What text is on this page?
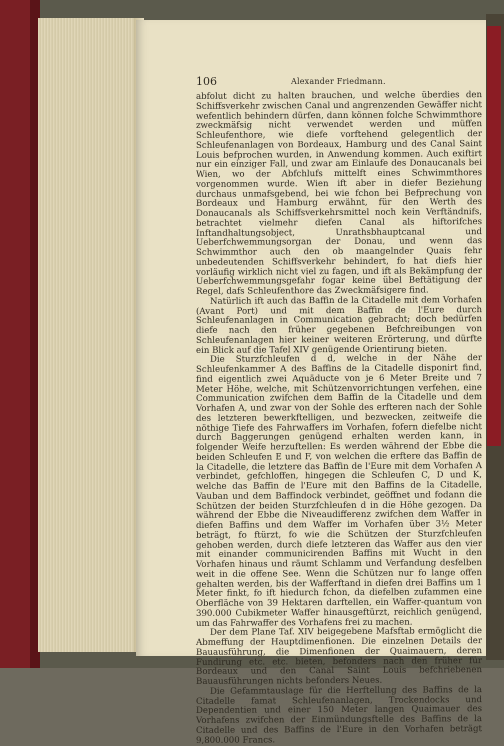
106	Alexander Friedmann.

abfolut dicht zu halten brauchen, und welche überdies den Schiffsverkehr zwischen Canal und angrenzenden Gewäffer nicht wefentlich behindern dürfen, dann können folche Schwimmthore zweckmäfsig nicht verwendet werden und müffen Schleufenthore, wie diefe vorftehend gelegentlich der Schleufenanlagen von Bordeaux, Hamburg und des Canal Saint Louis befprochen wurden, in Anwendung kommen. Auch exiftirt nur ein einziger Fall, und zwar am Einlaufe des Donaucanals bei Wien, wo der Abfchlufs mittelft eines Schwimmthores vorgenommen wurde. Wien ift aber in diefer Beziehung durchaus unmafsgebend, bei wie fchon bei Befprechung von Bordeaux und Hamburg erwähnt, für den Werth des Donaucanals als Schiffsverkehrsmittel noch kein Verftändnifs, betrachtet vielmehr diefen Canal als hiftorifches Inftandhaltungsobject, Unrathsbhauptcanal und Ueberfchwemmungsorgan der Donau, und wenn das Schwimmthor auch den ob maangelnder Quais fehr unbedeutenden Schiffsverkehr behindert, fo hat diefs hier vorläufig wirklich nicht viel zu fagen, und ift als Bekämpfung der Ueberfchwemmungsgefahr fogar keine übel Beftätigung der Regel, dafs Schleufenthore das Zweckmäfsigere find.

Natürlich ift auch das Baffin de la Citadelle mit dem Vorhafen (Avant Port) und mit dem Baffin de l'Eure durch Schleufenanlagen in Communication gebracht; doch bedürfen diefe nach den früher gegebenen Befchreibungen von Schleufenanlagen hier keiner weiteren Erörterung, und dürfte ein Blick auf die Tafel XIV genügende Orientirung bieten.

Die Sturzfchleufen d d, welche in der Nähe der Schleufenkammer A des Baffins de la Citadelle disponirt find, find eigentlich zwei Aquäducte von je 6 Meter Breite und 7 Meter Höhe, welche, mit Schützenvorrichtungen verfehen, eine Communication zwifchen dem Baffin de la Citadelle und dem Vorhafen A, und zwar von der Sohle des erfteren nach der Sohle des letzteren bewerkftelligen, und bezwecken, zeitweife die nöthige Tiefe des Fahrwaffers im Vorhafen, fofern diefelbe nicht durch Baggerungen genügend erhalten werden kann, in folgender Weife herzuftellen: Es werden während der Ebbe die beiden Schleufen E und F, von welchen die erftere das Baffin de la Citadelle, die letztere das Baffin de l'Eure mit dem Vorhafen A verbindet, gefchloffen, hingegen die Schleufen C, D und K, welche das Baffin de l'Eure mit den Baffins de la Citadelle, Vauban und dem Baffindock verbindet, geöffnet und fodann die Schützen der beiden Sturzfchleufen d in die Höhe gezogen. Da während der Ebbe die Niveaudifferenz zwifchen dem Waffer in diefen Baffins und dem Waffer im Vorhafen über 3½ Meter beträgt, fo ftürzt, fo wie die Schützen der Sturzfchleufen gehoben werden, durch diefe letzteren das Waffer aus den vier mit einander communicirenden Baffins mit Wucht in den Vorhafen hinaus und räumt Schlamm und Verfandung desfelben weit in die offene See. Wenn die Schützen nur fo lange offen gehalten werden, bis der Wafferftand in diefen drei Baffins um 1 Meter finkt, fo ift hiedurch fchon, da diefelben zufammen eine Oberfläche von 39 Hektaren darftellen, ein Waffer-quantum von 390.000 Cubikmeter Waffer hinausgeftürzt, reichlich genügend, um das Fahrwaffer des Vorhafens frei zu machen.

Der dem Plane Taf. XIV beigegebene Mafsftab ermöglicht die Abmeffung der Hauptdimenfionen. Die einzelnen Details der Bauausführung, die Dimenfionen der Quaimauern, deren Fundirung etc. etc. bieten, befonders nach den früher für Bordeaux und den Canal Saint Louis befchriebenen Bauausführungen nichts befonders Neues.

Die Gefammtauslage für die Herftellung des Baffins de la Citadelle famat Schleufenanlagen, Trockendocks und Dependentien und einer 150 Meter langen Quaimauer des Vorhafens zwifchen der Einmündungsftelle des Baffins de la Citadelle und des Baffins de l'Eure in den Vorhafen beträgt 9,800.000 Francs.
